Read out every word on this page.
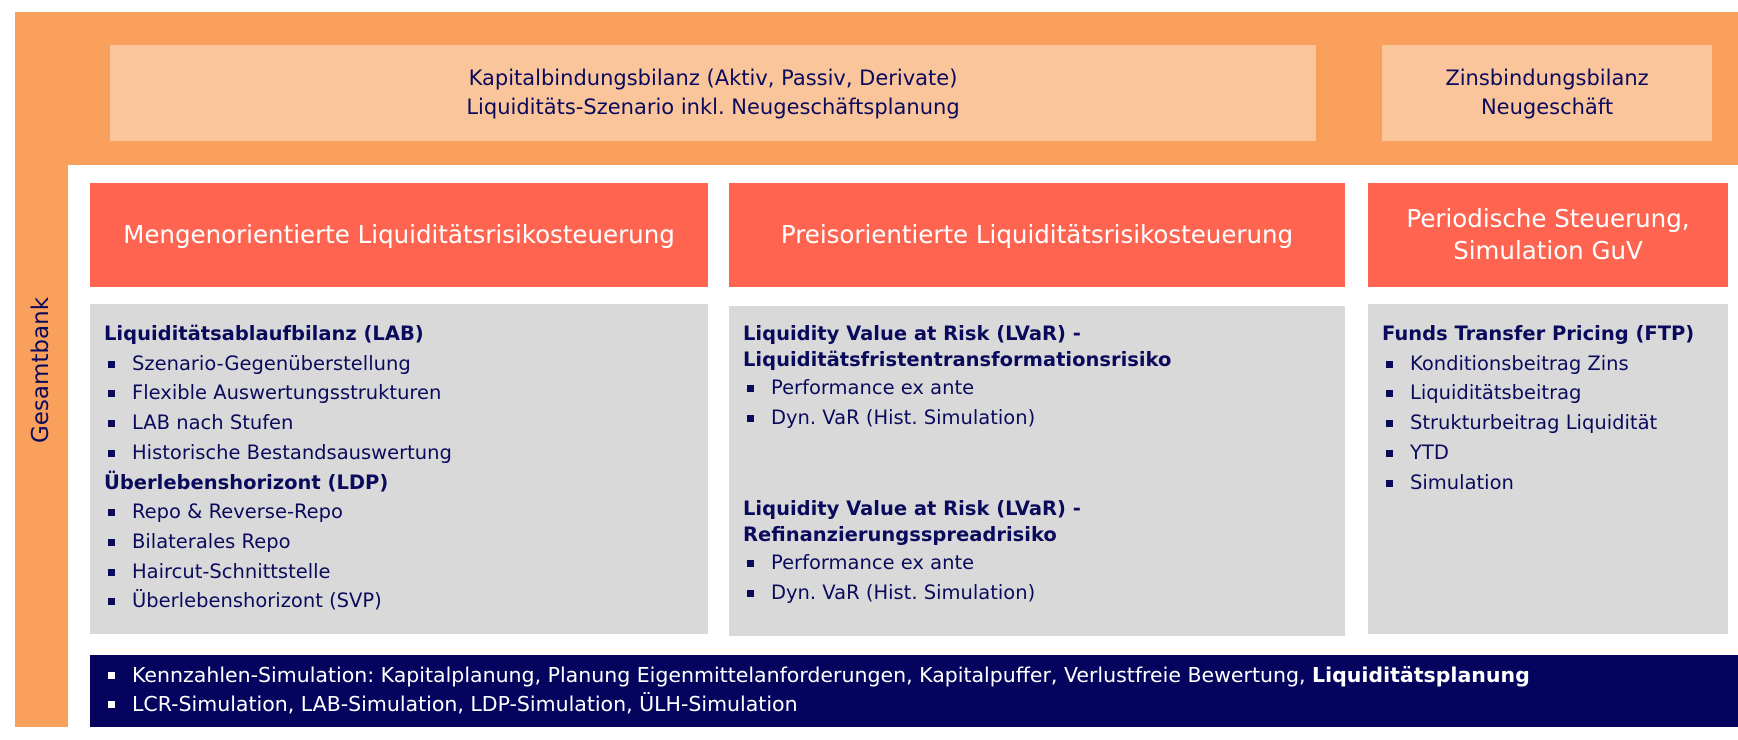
Gesamtbank
Kapitalbindungsbilanz (Aktiv, Passiv, Derivate)
Liquiditäts-Szenario inkl. Neugeschäftsplanung
Zinsbindungsbilanz
Neugeschäft
Mengenorientierte Liquiditätsrisikosteuerung
Liquiditätsablaufbilanz (LAB)
Szenario-Gegenüberstellung
Flexible Auswertungsstrukturen
LAB nach Stufen
Historische Bestandsauswertung
Überlebenshorizont (LDP)
Repo & Reverse-Repo
Bilaterales Repo
Haircut-Schnittstelle
Überlebenshorizont (SVP)
Preisorientierte Liquiditätsrisikosteuerung
Liquidity Value at Risk (LVaR) -
Liquiditätsfristentransformationsrisiko
Performance ex ante
Dyn. VaR (Hist. Simulation)
Liquidity Value at Risk (LVaR) -
Refinanzierungsspreadrisiko
Performance ex ante
Dyn. VaR (Hist. Simulation)
Periodische Steuerung,
Simulation GuV
Funds Transfer Pricing (FTP)
Konditionsbeitrag Zins
Liquiditätsbeitrag
Strukturbeitrag Liquidität
YTD
Simulation
Kennzahlen-Simulation: Kapitalplanung, Planung Eigenmittelanforderungen, Kapitalpuffer, Verlustfreie Bewertung, Liquiditätsplanung
LCR-Simulation, LAB-Simulation, LDP-Simulation, ÜLH-Simulation
